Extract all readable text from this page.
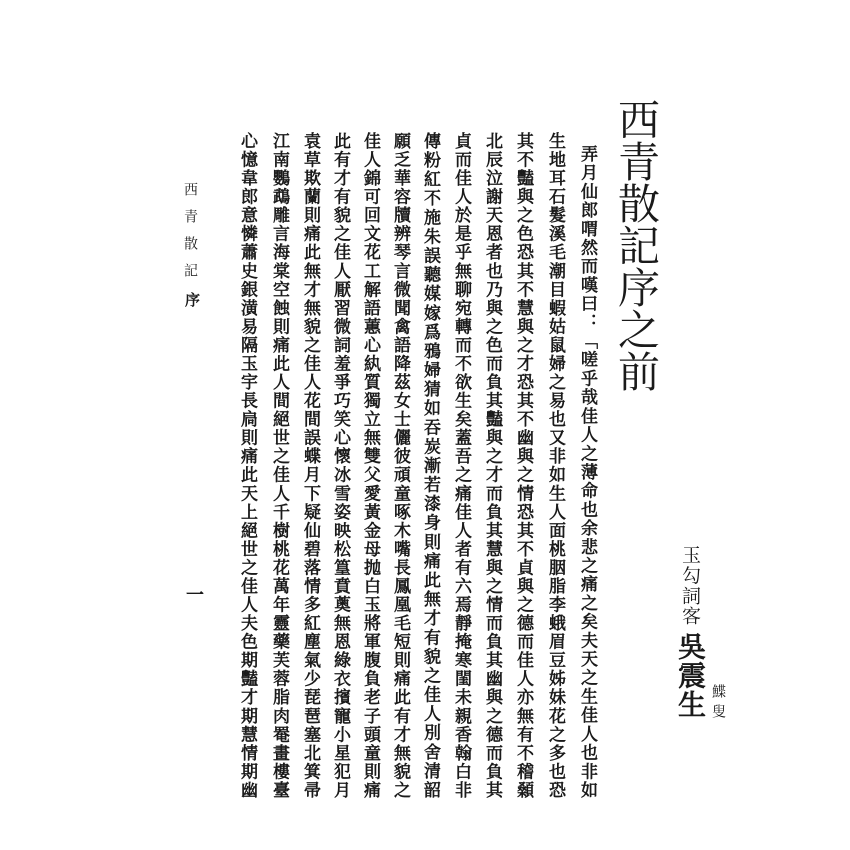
西青散記序之前
玉勾詞客
吳震生 鰈叟
弄月仙郎喟然而嘆曰：「嗟乎哉佳人之薄命也余悲之痛之矣夫天之生佳人也非如
生地耳石髮溪毛潮目蝦姑鼠婦之易也又非如生人面桃胭脂李蛾眉豆姊妹花之多也恐
其不豔與之色恐其不慧與之才恐其不幽與之情恐其不貞與之德而佳人亦無有不稽顙
北辰泣謝天恩者也乃與之色而負其豔與之才而負其慧與之情而負其幽與之德而負其
貞而佳人於是乎無聊宛轉而不欲生矣蓋吾之痛佳人者有六焉靜掩寒閨未親香翰白非
傳粉紅不施朱誤聽媒嫁爲鴉婦猜如吞炭漸若漆身則痛此無才有貌之佳人別舍清韶
願乏華容牘辨琴言微聞禽語降茲女士儷彼頑童啄木嘴長鳳凰毛短則痛此有才無貌之
佳人錦可回文花工解語蕙心紈質獨立無雙父愛黃金母抛白玉將軍腹負老子頭童則痛
此有才有貌之佳人厭習微詞羞爭巧笑心懷冰雪姿映松篁賁薁無恩綠衣擯寵小星犯月
袁草欺蘭則痛此無才無貌之佳人花間誤蝶月下疑仙碧落情多紅塵氣少琵琶塞北箕帚
江南鸚鵡雕言海棠空蝕則痛此人間絕世之佳人千樹桃花萬年靈藥芙蓉脂肉罨畫樓臺
心憶韋郎意憐蕭史銀潢易隔玉宇長扃則痛此天上絕世之佳人夫色期豔才期慧情期幽
西青散記
序
一
